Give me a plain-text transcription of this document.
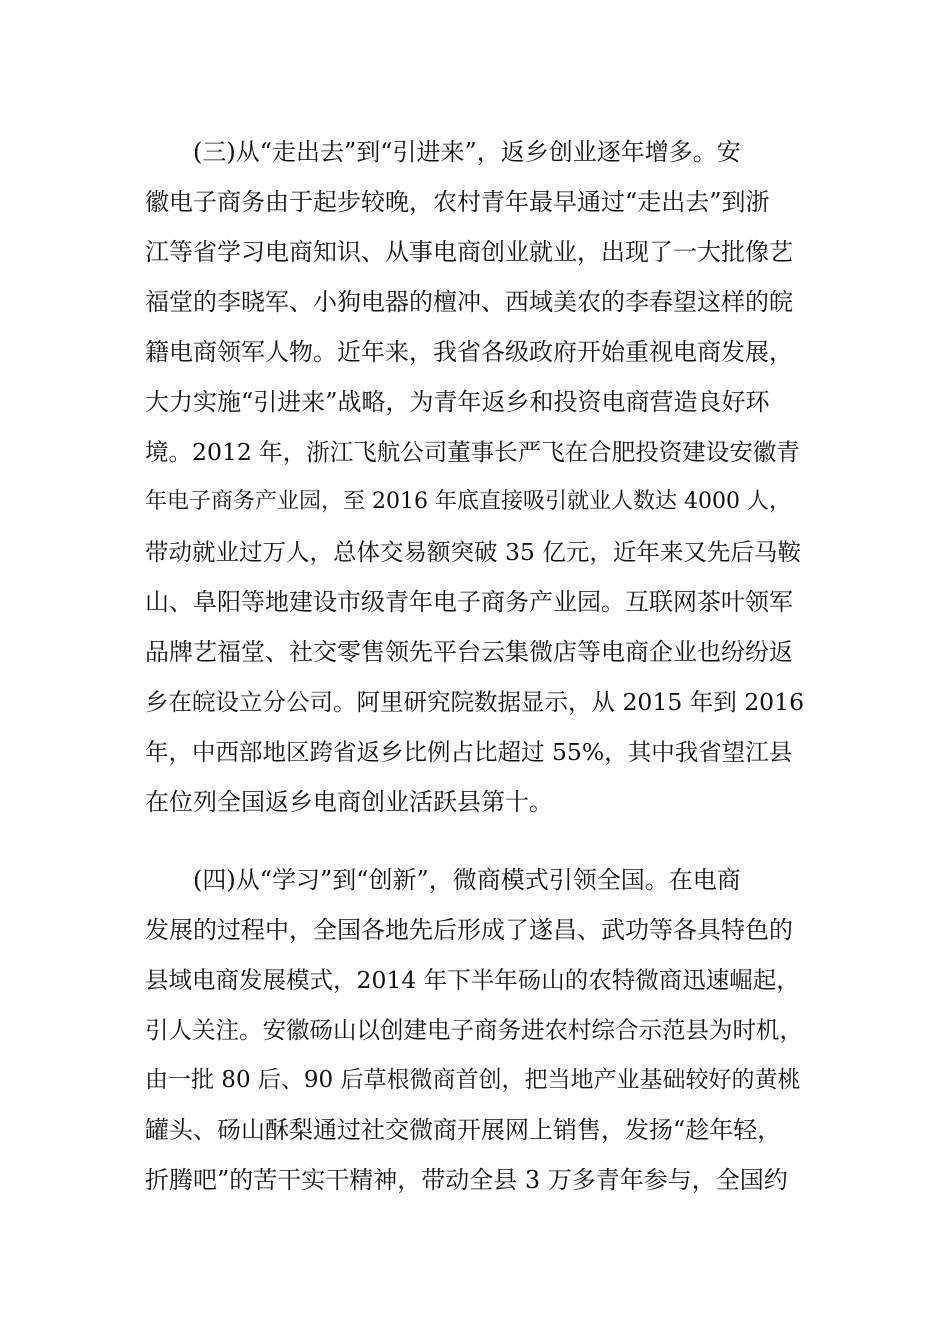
(三)从“走出去”到“引进来”，返乡创业逐年增多。安
徽电子商务由于起步较晚，农村青年最早通过“走出去”到浙
江等省学习电商知识、从事电商创业就业，出现了一大批像艺
福堂的李晓军、小狗电器的檀冲、西域美农的李春望这样的皖
籍电商领军人物。近年来，我省各级政府开始重视电商发展，
大力实施“引进来”战略，为青年返乡和投资电商营造良好环
境。2012 年，浙江飞航公司董事长严飞在合肥投资建设安徽青
年电子商务产业园，至 2016 年底直接吸引就业人数达 4000 人，
带动就业过万人，总体交易额突破 35 亿元，近年来又先后马鞍
山、阜阳等地建设市级青年电子商务产业园。互联网茶叶领军
品牌艺福堂、社交零售领先平台云集微店等电商企业也纷纷返
乡在皖设立分公司。阿里研究院数据显示，从 2015 年到 2016
年，中西部地区跨省返乡比例占比超过 55%，其中我省望江县
在位列全国返乡电商创业活跃县第十。
(四)从“学习”到“创新”，微商模式引领全国。在电商
发展的过程中，全国各地先后形成了遂昌、武功等各具特色的
县域电商发展模式，2014 年下半年砀山的农特微商迅速崛起，
引人关注。安徽砀山以创建电子商务进农村综合示范县为时机，
由一批 80 后、90 后草根微商首创，把当地产业基础较好的黄桃
罐头、砀山酥梨通过社交微商开展网上销售，发扬“趁年轻，
折腾吧”的苦干实干精神，带动全县 3 万多青年参与，全国约
